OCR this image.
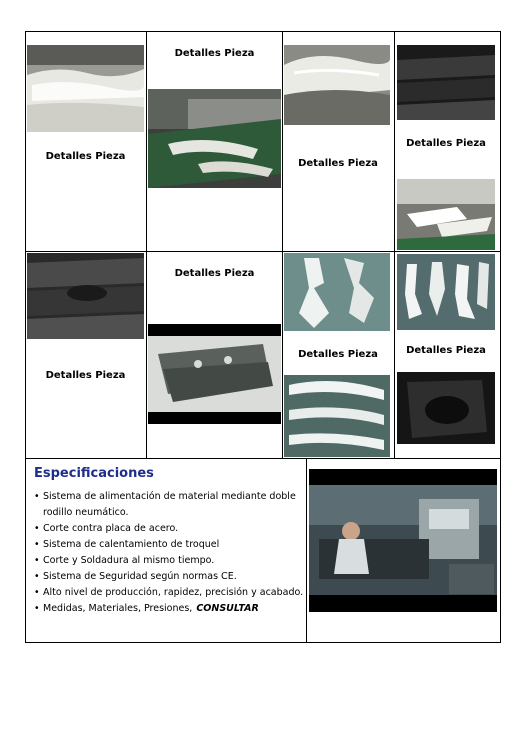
Detalles Pieza
Detalles Pieza
Detalles Pieza
Detalles Pieza
Detalles Pieza
Detalles Pieza
Detalles Pieza	Detalles Pieza
Especificaciones
• Sistema de alimentación de material mediante doble rodillo neumático.
• Corte contra placa de acero.
• Sistema de calentamiento de troquel
• Corte y Soldadura al mismo tiempo.
• Sistema de Seguridad según normas CE.
• Alto nivel de producción, rapidez, precisión y acabado.
• Medidas, Materiales, Presiones, CONSULTAR
